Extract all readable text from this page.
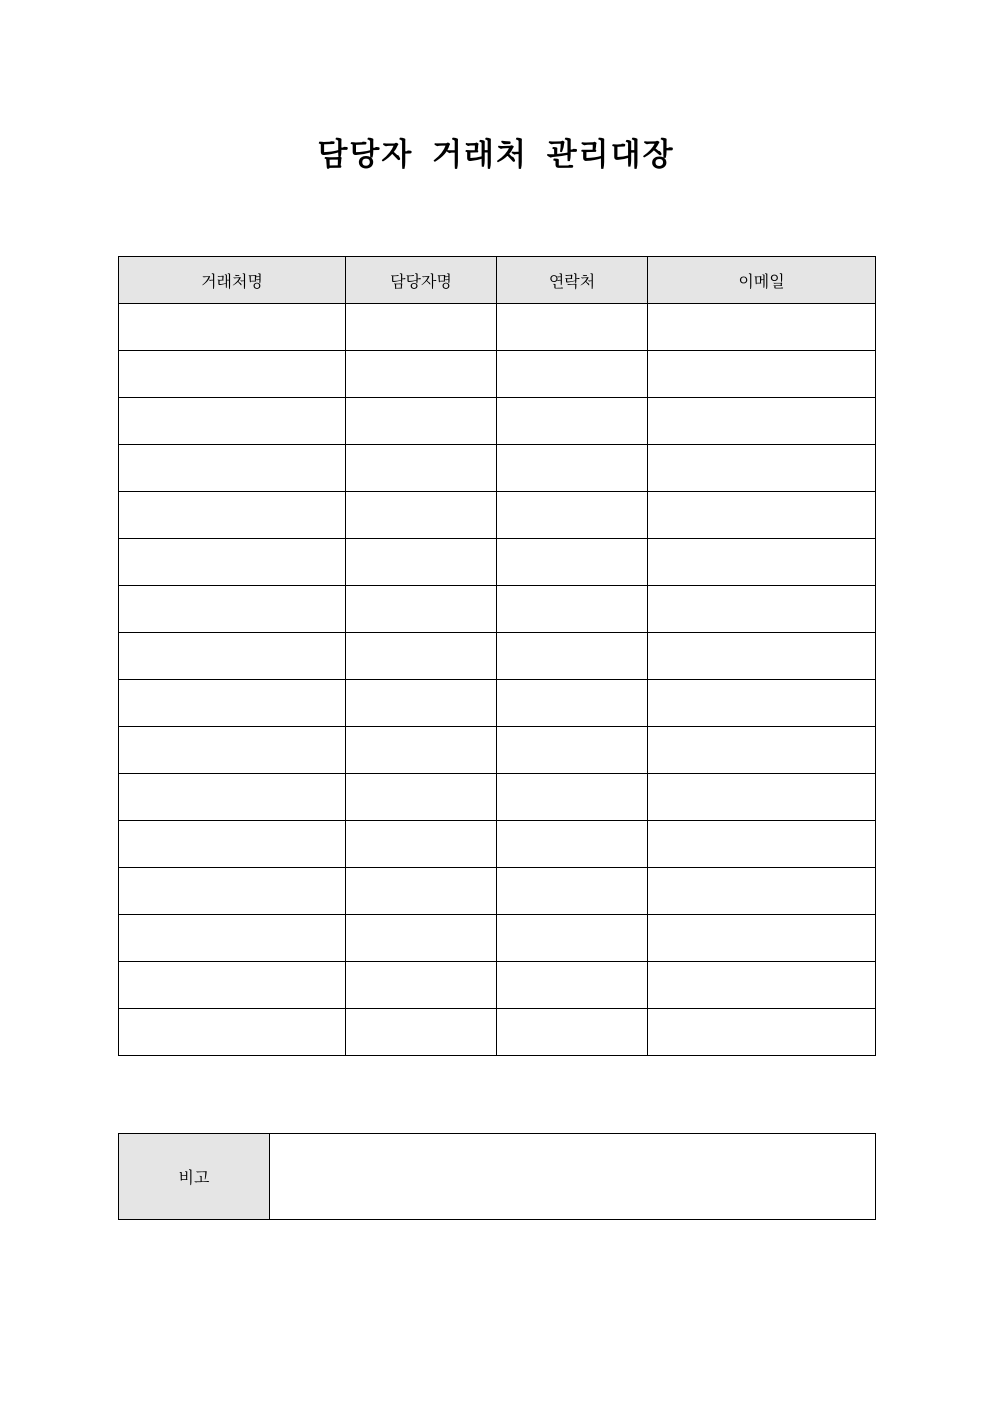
담당자 거래처 관리대장
거래처명	담당자명	연락처	이메일

비고	
